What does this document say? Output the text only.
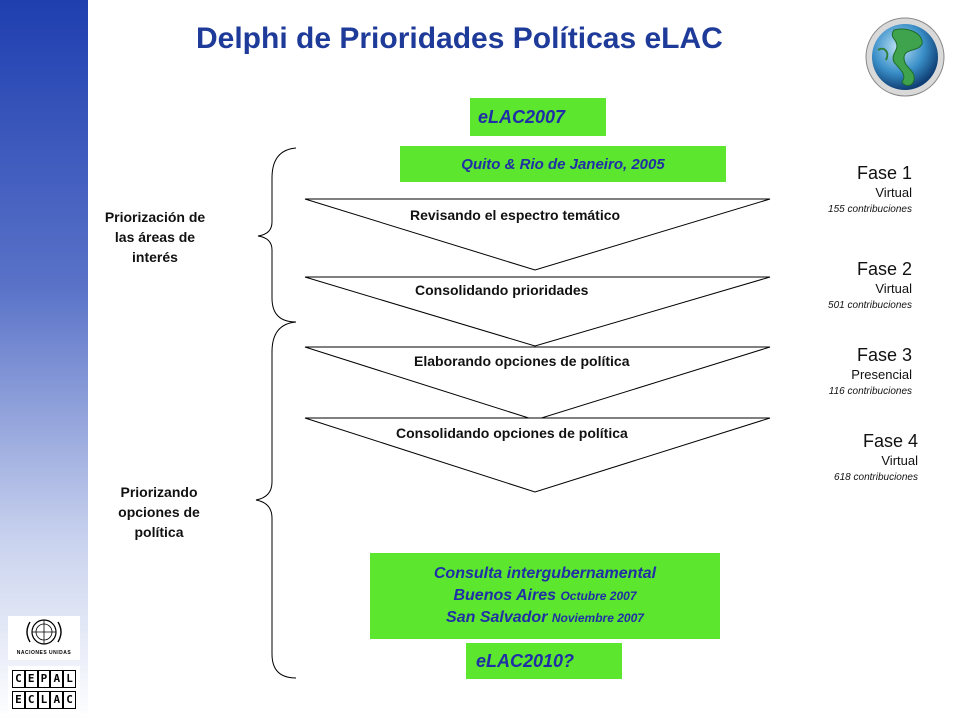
NACIONES UNIDAS
C E P A L
E C L A C
Delphi de Prioridades Políticas eLAC
eLAC2007
Quito & Rio de Janeiro, 2005
Revisando el espectro temático
Consolidando prioridades
Elaborando opciones de política
Consolidando opciones de política
Priorización de
las áreas de
interés
Priorizando
opciones de
política
Fase 1
Virtual
155 contribuciones
Fase 2
Virtual
501 contribuciones
Fase 3
Presencial
116 contribuciones
Fase 4
Virtual
618 contribuciones
Consulta intergubernamental
Buenos Aires Octubre 2007
San Salvador Noviembre 2007
eLAC2010?
